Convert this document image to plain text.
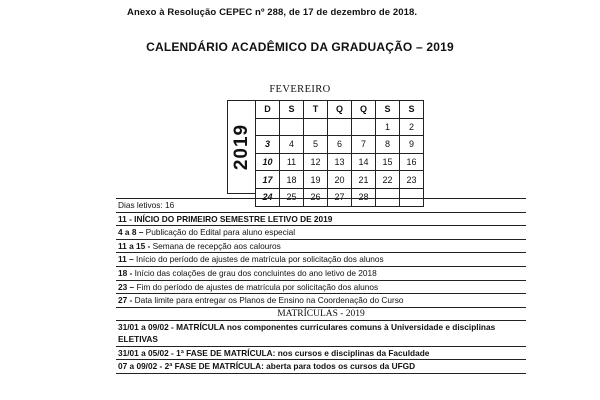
Anexo à Resolução CEPEC nº 288, de 17 de dezembro de 2018.
CALENDÁRIO ACADÊMICO DA GRADUAÇÃO – 2019
FEVEREIRO
2019
D	S	T	Q	Q	S	S
					1	2
3	4	5	6	7	8	9
10	11	12	13	14	15	16
17	18	19	20	21	22	23
24	25	26	27	28		
Dias letivos: 16
11 - INÍCIO DO PRIMEIRO SEMESTRE LETIVO DE 2019
4 a 8 – Publicação do Edital para aluno especial
11 a 15 - Semana de recepção aos calouros
11 – Início do período de ajustes de matrícula por solicitação dos alunos
18 - Início das colações de grau dos concluintes do ano letivo de 2018
23 – Fim do período de ajustes de matrícula por solicitação dos alunos
27 - Data limite para entregar os Planos de Ensino na Coordenação do Curso
MATRÍCULAS - 2019
31/01 a 09/02 - MATRÍCULA nos componentes curriculares comuns à Universidade e disciplinas ELETIVAS
31/01 a 05/02 - 1ª FASE DE MATRÍCULA: nos cursos e disciplinas da Faculdade
07 a 09/02 - 2ª FASE DE MATRÍCULA: aberta para todos os cursos da UFGD
